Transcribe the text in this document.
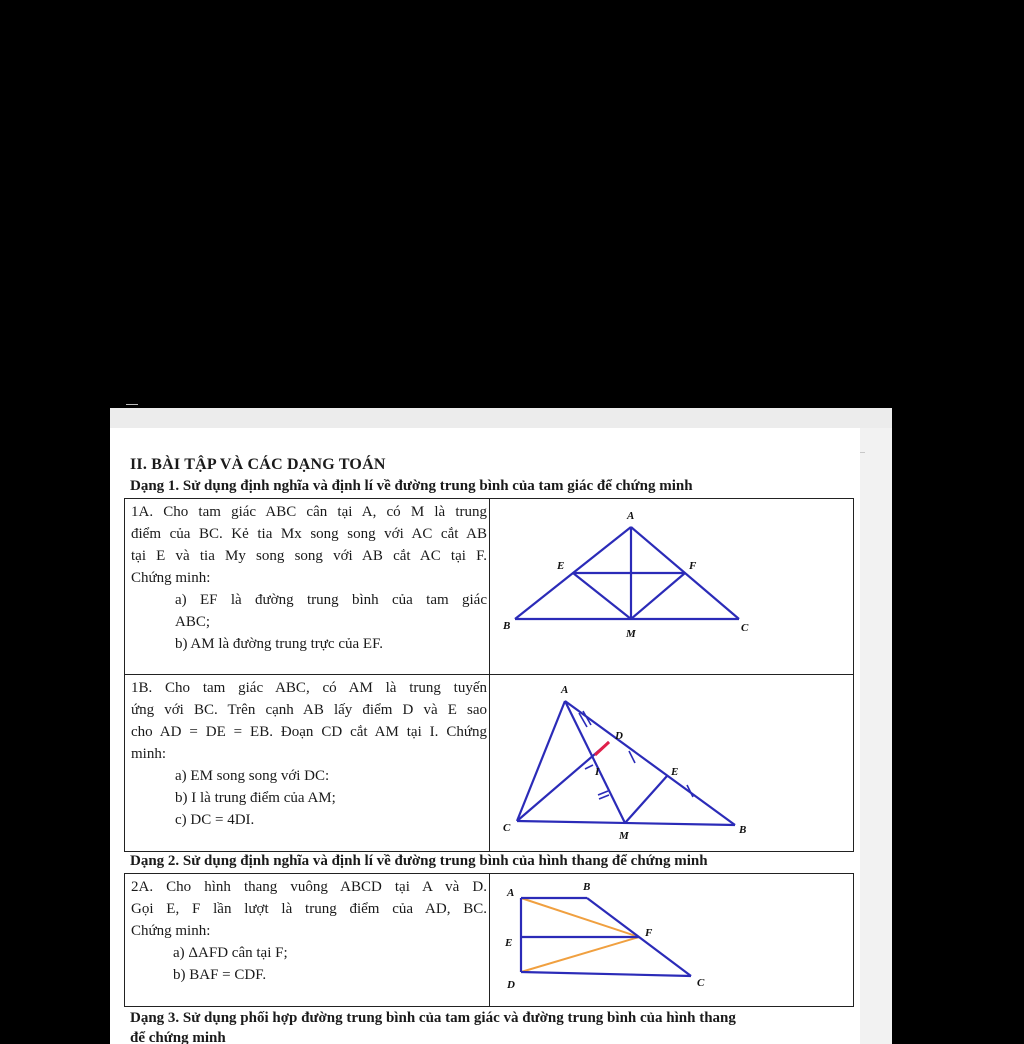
II. BÀI TẬP VÀ CÁC DẠNG TOÁN
Dạng 1. Sử dụng định nghĩa và định lí về đường trung bình của tam giác để chứng minh
1A. Cho tam giác ABC cân tại A, có M là trung
điểm của BC. Kẻ tia Mx song song với AC cắt AB
tại E và tia My song song với AB cắt AC tại F.
Chứng minh:
a) EF là đường trung bình của tam giác
ABC;
b) AM là đường trung trực của EF.
A
B	C
E	F
M
1B. Cho tam giác ABC, có AM là trung tuyến
ứng với BC. Trên cạnh AB lấy điểm D và E sao
cho AD = DE = EB. Đoạn CD cắt AM tại I. Chứng
minh:
a) EM song song với DC:
b) I là trung điểm của AM;
c) DC = 4DI.
A
C	B
D
E
I
M
Dạng 2. Sử dụng định nghĩa và định lí về đường trung bình của hình thang để chứng minh
2A. Cho hình thang vuông ABCD tại A và D.
Gọi E, F lần lượt là trung điểm của AD, BC.
Chứng minh:
a) ΔAFD cân tại F;
b) BAF = CDF.
A	B
C
D
E
F
Dạng 3. Sử dụng phối hợp đường trung bình của tam giác và đường trung bình của hình thang
để chứng minh
